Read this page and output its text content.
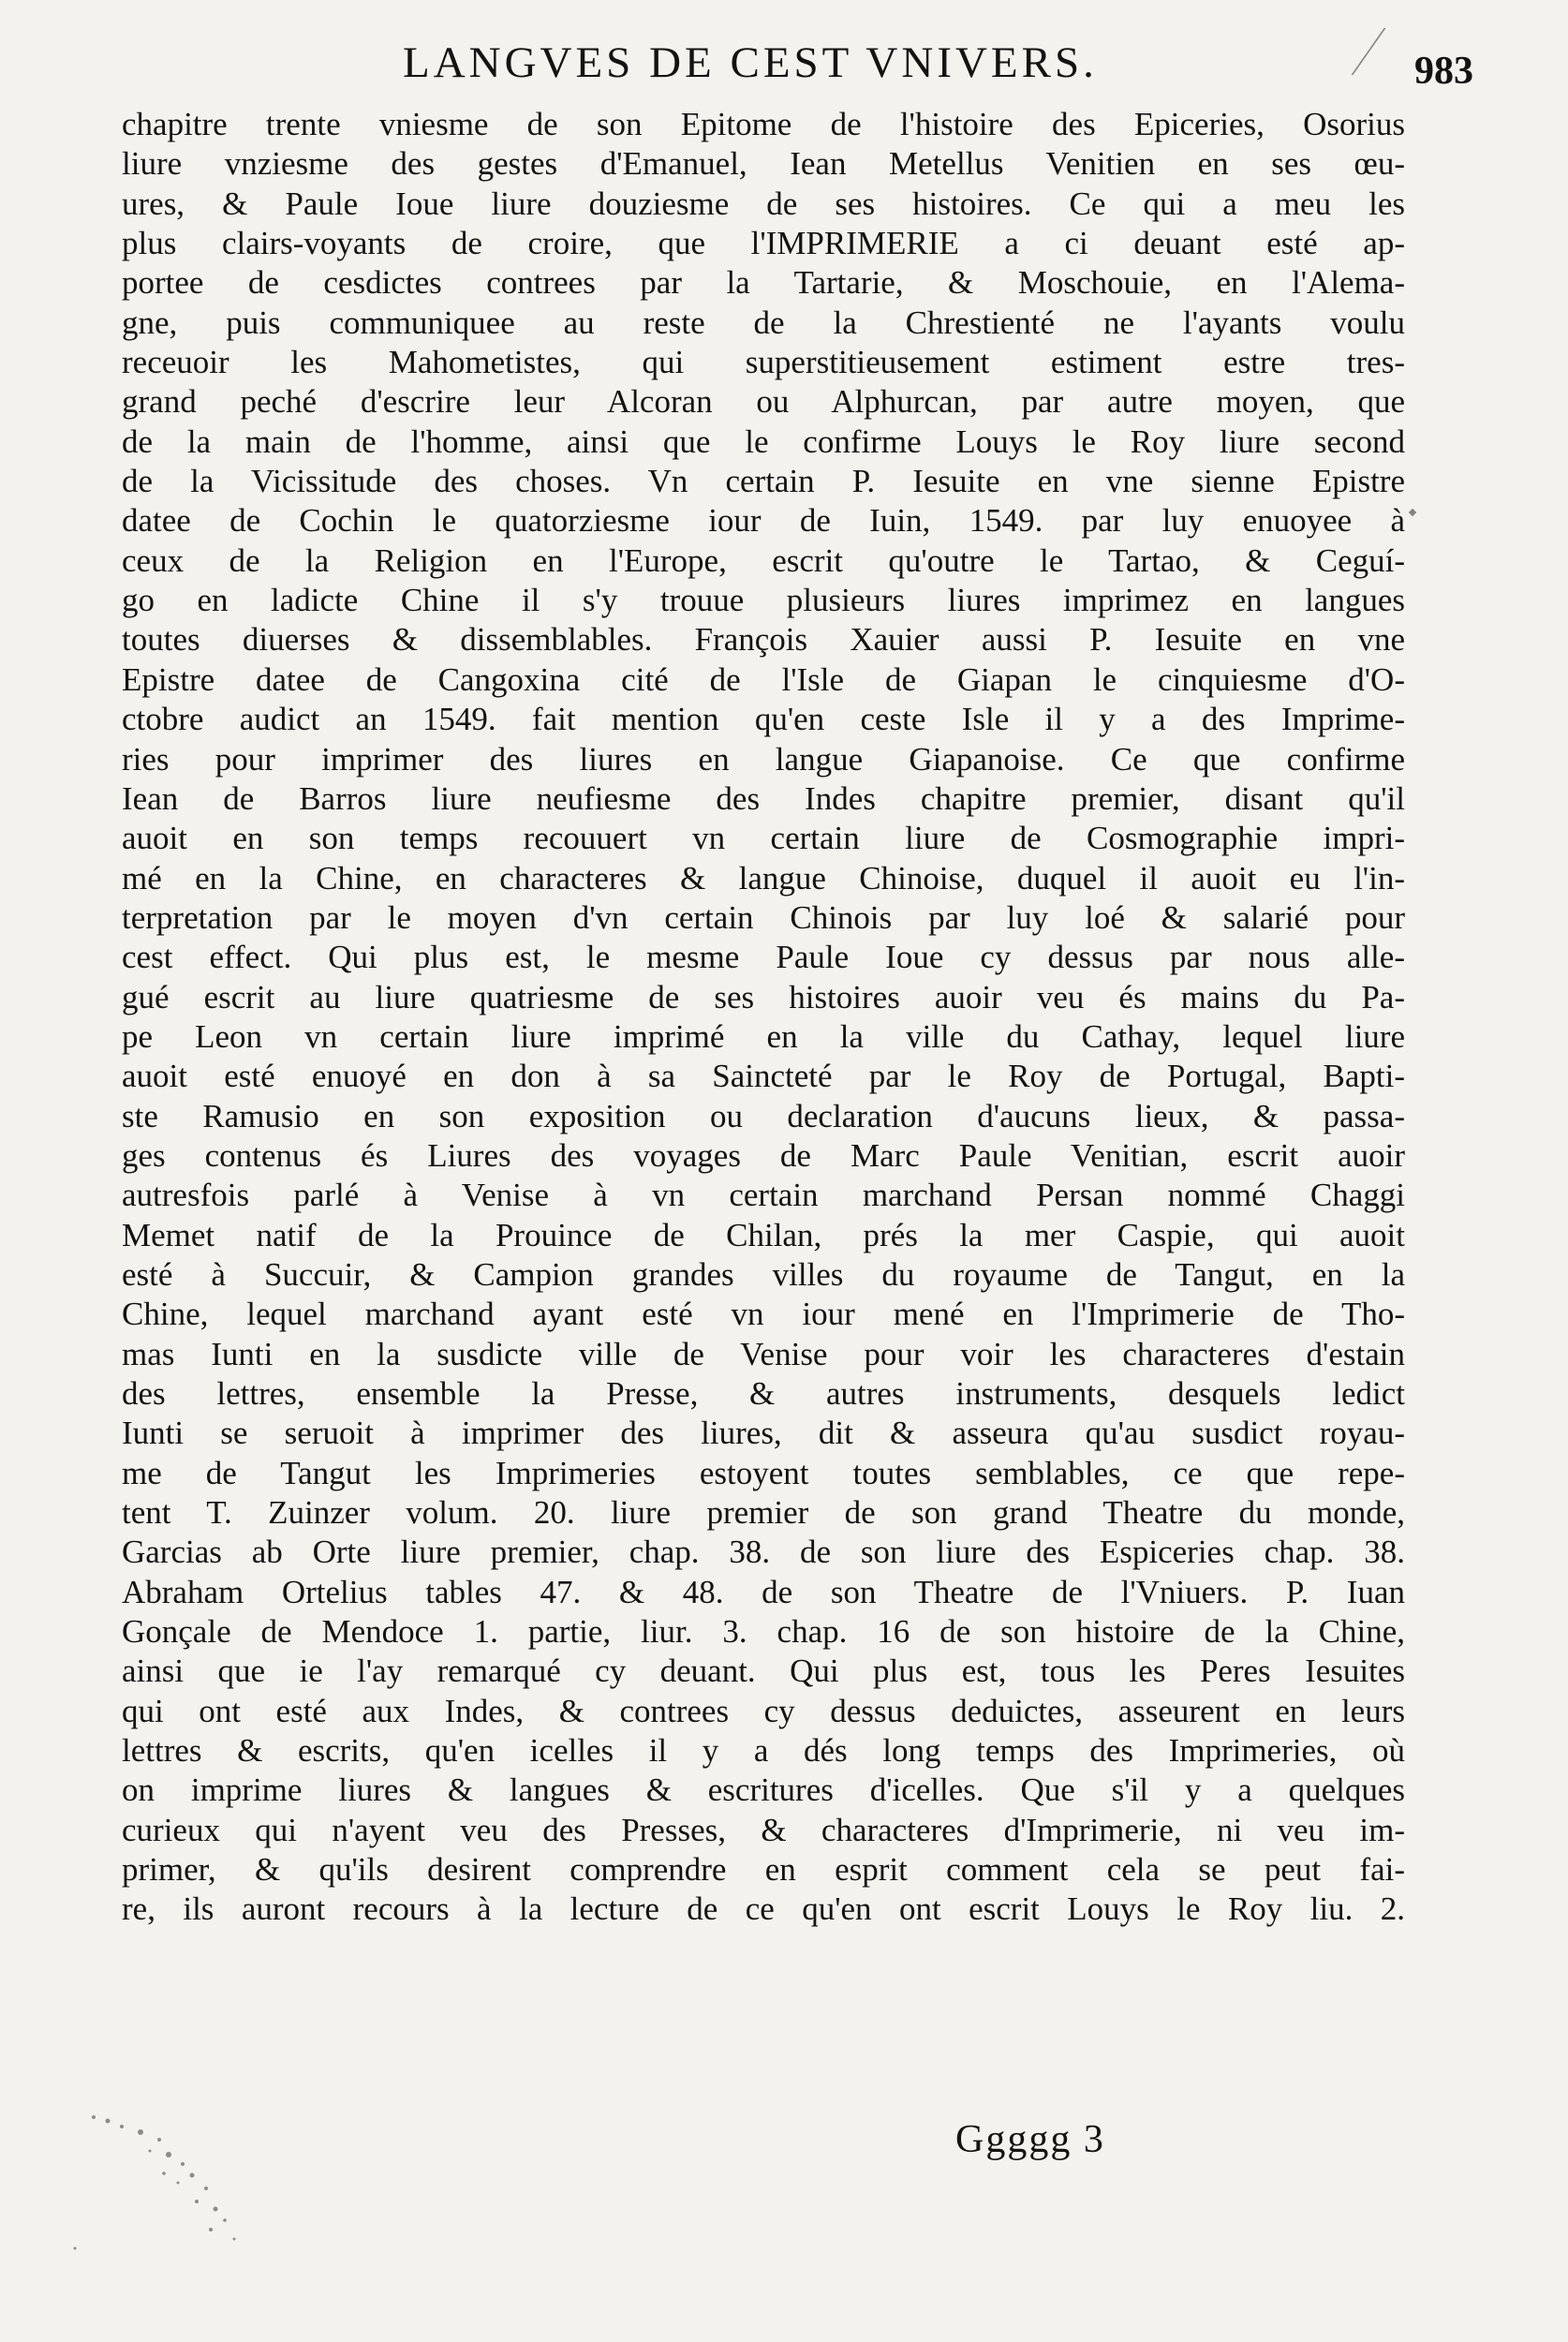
LANGVES DE CEST VNIVERS.	983
chapitre trente vniesme de son Epitome de l'histoire des Epiceries, Osorius
liure vnziesme des gestes d'Emanuel, Iean Metellus Venitien en ses œu-
ures, & Paule Ioue liure douziesme de ses histoires. Ce qui a meu les
plus clairs-voyants de croire, que l'IMPRIMERIE a ci deuant esté ap-
portee de cesdictes contrees par la Tartarie, & Moschouie, en l'Alema-
gne, puis communiquee au reste de la Chrestienté ne l'ayants voulu
receuoir les Mahometistes, qui superstitieusement estiment estre tres-
grand peché d'escrire leur Alcoran ou Alphurcan, par autre moyen, que
de la main de l'homme, ainsi que le confirme Louys le Roy liure second
de la Vicissitude des choses. Vn certain P. Iesuite en vne sienne Epistre
datee de Cochin le quatorziesme iour de Iuin, 1549. par luy enuoyee à
ceux de la Religion en l'Europe, escrit qu'outre le Tartao, & Ceguí-
go en ladicte Chine il s'y trouue plusieurs liures imprimez en langues
toutes diuerses & dissemblables. François Xauier aussi P. Iesuite en vne
Epistre datee de Cangoxina cité de l'Isle de Giapan le cinquiesme d'O-
ctobre audict an 1549. fait mention qu'en ceste Isle il y a des Imprime-
ries pour imprimer des liures en langue Giapanoise. Ce que confirme
Iean de Barros liure neufiesme des Indes chapitre premier, disant qu'il
auoit en son temps recouuert vn certain liure de Cosmographie impri-
mé en la Chine, en characteres & langue Chinoise, duquel il auoit eu l'in-
terpretation par le moyen d'vn certain Chinois par luy loé & salarié pour
cest effect. Qui plus est, le mesme Paule Ioue cy dessus par nous alle-
gué escrit au liure quatriesme de ses histoires auoir veu és mains du Pa-
pe Leon vn certain liure imprimé en la ville du Cathay, lequel liure
auoit esté enuoyé en don à sa Saincteté par le Roy de Portugal, Bapti-
ste Ramusio en son exposition ou declaration d'aucuns lieux, & passa-
ges contenus és Liures des voyages de Marc Paule Venitian, escrit auoir
autresfois parlé à Venise à vn certain marchand Persan nommé Chaggi
Memet natif de la Prouince de Chilan, prés la mer Caspie, qui auoit
esté à Succuir, & Campion grandes villes du royaume de Tangut, en la
Chine, lequel marchand ayant esté vn iour mené en l'Imprimerie de Tho-
mas Iunti en la susdicte ville de Venise pour voir les characteres d'estain
des lettres, ensemble la Presse, & autres instruments, desquels ledict
Iunti se seruoit à imprimer des liures, dit & asseura qu'au susdict royau-
me de Tangut les Imprimeries estoyent toutes semblables, ce que repe-
tent T. Zuinzer volum. 20. liure premier de son grand Theatre du monde,
Garcias ab Orte liure premier, chap. 38. de son liure des Espiceries chap. 38.
Abraham Ortelius tables 47. & 48. de son Theatre de l'Vniuers. P. Iuan
Gonçale de Mendoce 1. partie, liur. 3. chap. 16 de son histoire de la Chine,
ainsi que ie l'ay remarqué cy deuant. Qui plus est, tous les Peres Iesuites
qui ont esté aux Indes, & contrees cy dessus deduictes, asseurent en leurs
lettres & escrits, qu'en icelles il y a dés long temps des Imprimeries, où
on imprime liures & langues & escritures d'icelles. Que s'il y a quelques
curieux qui n'ayent veu des Presses, & characteres d'Imprimerie, ni veu im-
primer, & qu'ils desirent comprendre en esprit comment cela se peut fai-
re, ils auront recours à la lecture de ce qu'en ont escrit Louys le Roy liu. 2.
Ggggg 3
